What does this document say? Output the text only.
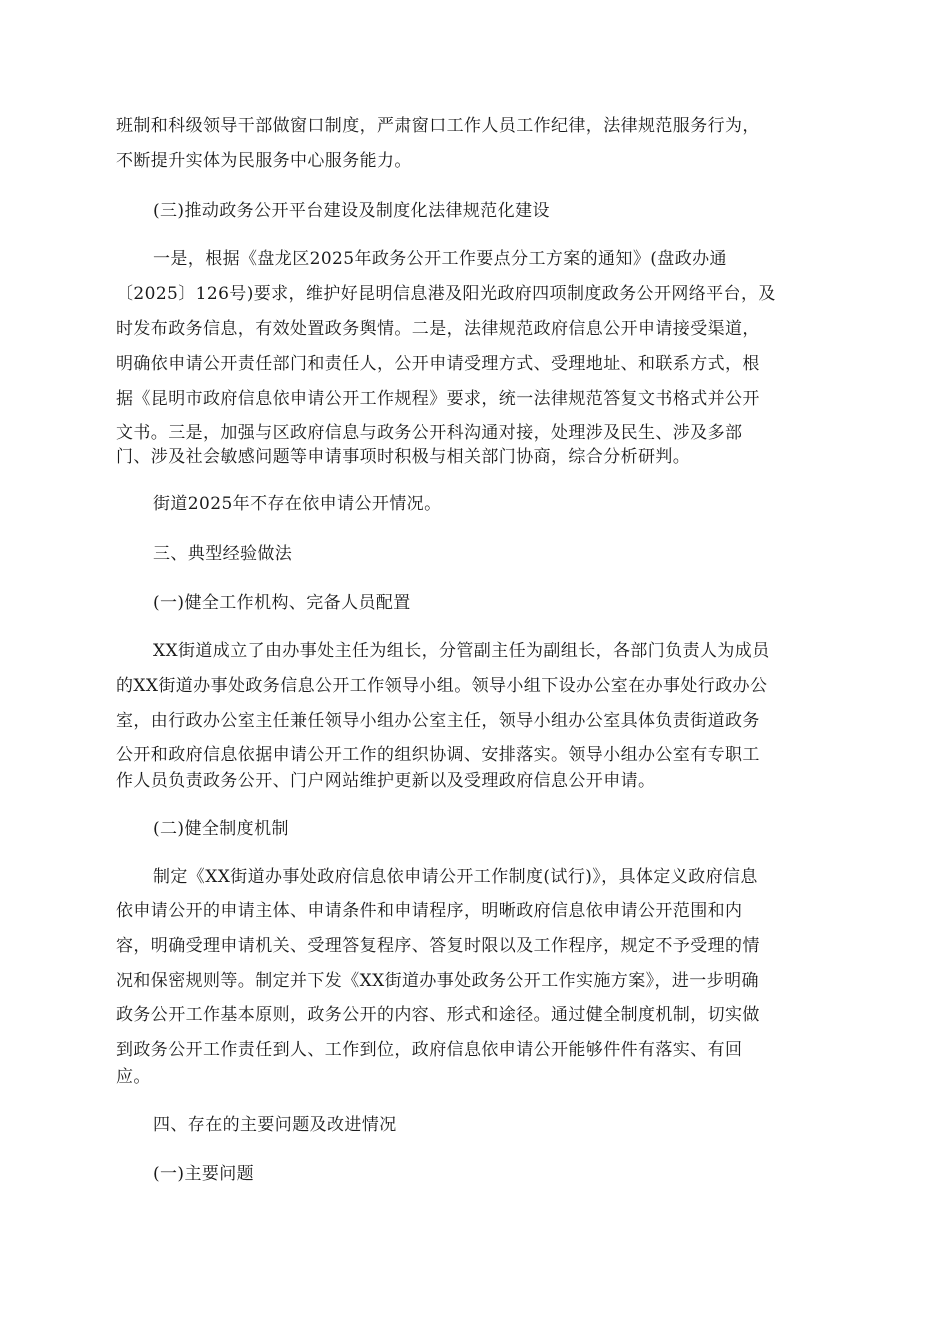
班制和科级领导干部做窗口制度，严肃窗口工作人员工作纪律，法律规范服务行为，
不断提升实体为民服务中心服务能力。
(三)推动政务公开平台建设及制度化法律规范化建设
一是，根据《盘龙区2025年政务公开工作要点分工方案的通知》(盘政办通
〔2025〕126号)要求，维护好昆明信息港及阳光政府四项制度政务公开网络平台，及
时发布政务信息，有效处置政务舆情。二是，法律规范政府信息公开申请接受渠道，
明确依申请公开责任部门和责任人，公开申请受理方式、受理地址、和联系方式，根
据《昆明市政府信息依申请公开工作规程》要求，统一法律规范答复文书格式并公开
文书。三是，加强与区政府信息与政务公开科沟通对接，处理涉及民生、涉及多部
门、涉及社会敏感问题等申请事项时积极与相关部门协商，综合分析研判。
街道2025年不存在依申请公开情况。
三、典型经验做法
(一)健全工作机构、完备人员配置
XX街道成立了由办事处主任为组长，分管副主任为副组长，各部门负责人为成员
的XX街道办事处政务信息公开工作领导小组。领导小组下设办公室在办事处行政办公
室，由行政办公室主任兼任领导小组办公室主任，领导小组办公室具体负责街道政务
公开和政府信息依据申请公开工作的组织协调、安排落实。领导小组办公室有专职工
作人员负责政务公开、门户网站维护更新以及受理政府信息公开申请。
(二)健全制度机制
制定《XX街道办事处政府信息依申请公开工作制度(试行)》，具体定义政府信息
依申请公开的申请主体、申请条件和申请程序，明晰政府信息依申请公开范围和内
容，明确受理申请机关、受理答复程序、答复时限以及工作程序，规定不予受理的情
况和保密规则等。制定并下发《XX街道办事处政务公开工作实施方案》，进一步明确
政务公开工作基本原则，政务公开的内容、形式和途径。通过健全制度机制，切实做
到政务公开工作责任到人、工作到位，政府信息依申请公开能够件件有落实、有回
应。
四、存在的主要问题及改进情况
(一)主要问题
